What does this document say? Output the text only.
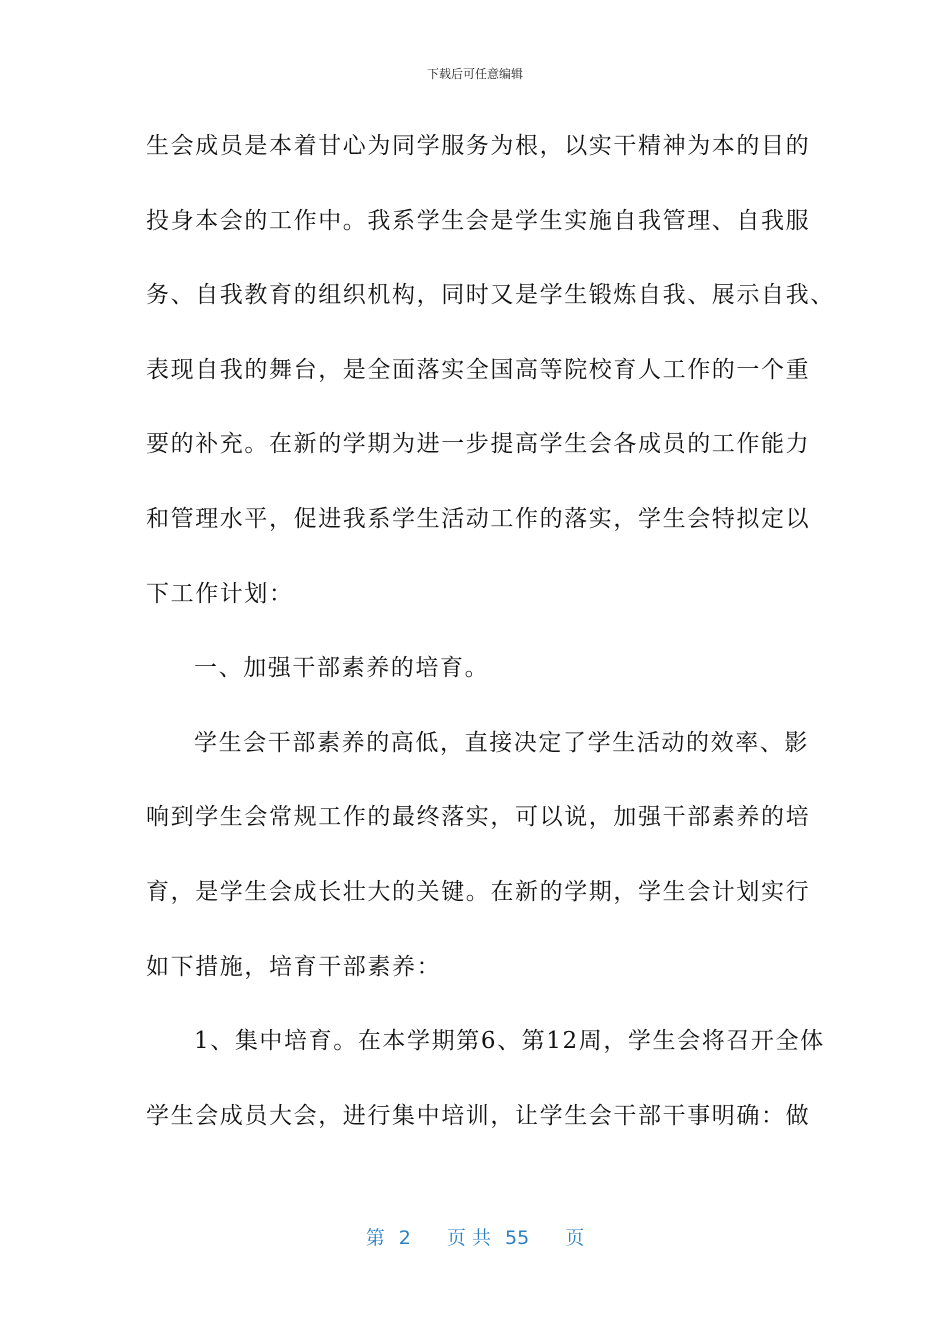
下载后可任意编辑
生会成员是本着甘心为同学服务为根，以实干精神为本的目的
投身本会的工作中。我系学生会是学生实施自我管理、自我服
务、自我教育的组织机构，同时又是学生锻炼自我、展示自我、
表现自我的舞台，是全面落实全国高等院校育人工作的一个重
要的补充。在新的学期为进一步提高学生会各成员的工作能力
和管理水平，促进我系学生活动工作的落实，学生会特拟定以
下工作计划：
一、加强干部素养的培育。
学生会干部素养的高低，直接决定了学生活动的效率、影
响到学生会常规工作的最终落实，可以说，加强干部素养的培
育，是学生会成长壮大的关键。在新的学期，学生会计划实行
如下措施，培育干部素养：
1、集中培育。在本学期第6、第12周，学生会将召开全体
学生会成员大会，进行集中培训，让学生会干部干事明确：做
第 2 页 共 55 页
